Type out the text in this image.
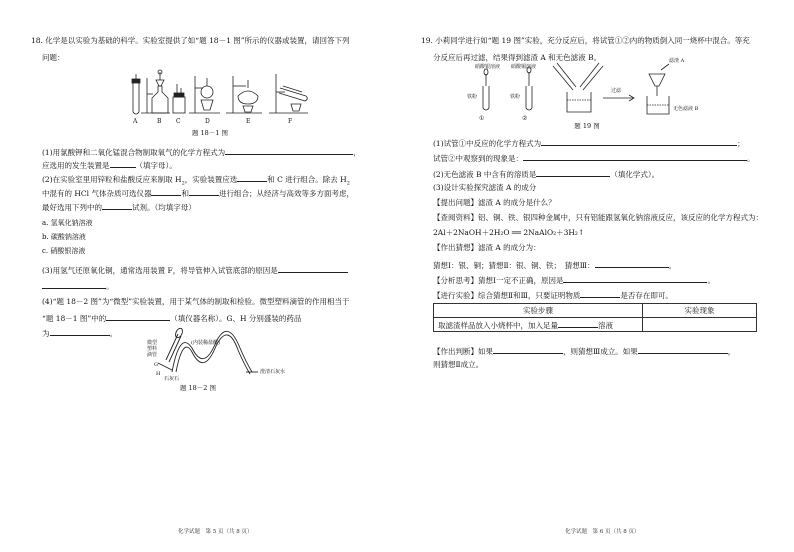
18. 化学是以实验为基础的科学。实验室提供了如“题 18－1 图”所示的仪器或装置，请回答下列
问题：
A	B C	D	E	F
题 18－1 图
(1)用氯酸钾和二氧化锰混合物制取氧气的化学方程式为	，
应选用的发生装置是	（填字母）。
(2)在实验室里用锌粒和盐酸反应来制取 $H_2$，实验装置应选	和 C 进行组合。除去 $H_2$
中混有的 HCl 气体杂质可选仪器	和	进行组合；从经济与高效等多方面考虑，
最好选用下列中的	试剂。（均填字母）
a. 氢氧化钠溶液
b. 碳酸钠溶液
c. 硝酸银溶液
(3)用氢气还原氧化铜，通常选用装置 F，将导管伸入试管底部的原因是
。
(4)“题 18－2 图”为“微型”实验装置，用于某气体的制取和检验。微型塑料滴管的作用相当于
“题 18－1 图”中的	（填仪器名称）。G、H 分别盛装的药品
为	。
微型
塑料
滴管
(内装稀盐酸)
G
H
石灰石
澄清石灰水
题 18－2 图
化学试题　第 5 页（共 8 页）
19. 小莉同学进行如“题 19 图”实验，充分反应后，将试管①②内的物质倒入同一烧杯中混合。等充
分反应后再过滤，结果得到滤渣 A 和无色滤液 B。
硝酸银溶液 硝酸铜溶液
铁粉	铁粉
①	②
过滤
滤渣 A
无色滤液 B
题 19 图
(1)试管①中反应的化学方程式为	；
试管②中观察到的现象是：	。
(2)无色滤液 B 中含有的溶质是	（填化学式）。
(3)设计实验探究滤渣 A 的成分
【提出问题】滤渣 A 的成分是什么？
【查阅资料】铝、铜、铁、银四种金属中，只有铝能跟氢氧化钠溶液反应，该反应的化学方程式为：
2Al＋2NaOH＋2H₂O ══ 2NaAlO₂＋3H₂↑
【作出猜想】滤渣 A 的成分为：
猜想Ⅰ：银、铜；猜想Ⅱ：银、铜、铁；　猜想Ⅲ：	。
【分析思考】猜想Ⅰ一定不正确，原因是	。
【进行实验】综合猜想Ⅱ和Ⅲ，只要证明物质	是否存在即可。
实验步骤	实验现象
取滤渣样品放入小烧杯中，加入足量 溶液	
【作出判断】如果	，则猜想Ⅲ成立。如果	，
则猜想Ⅱ成立。
化学试题　第 6 页（共 8 页）
